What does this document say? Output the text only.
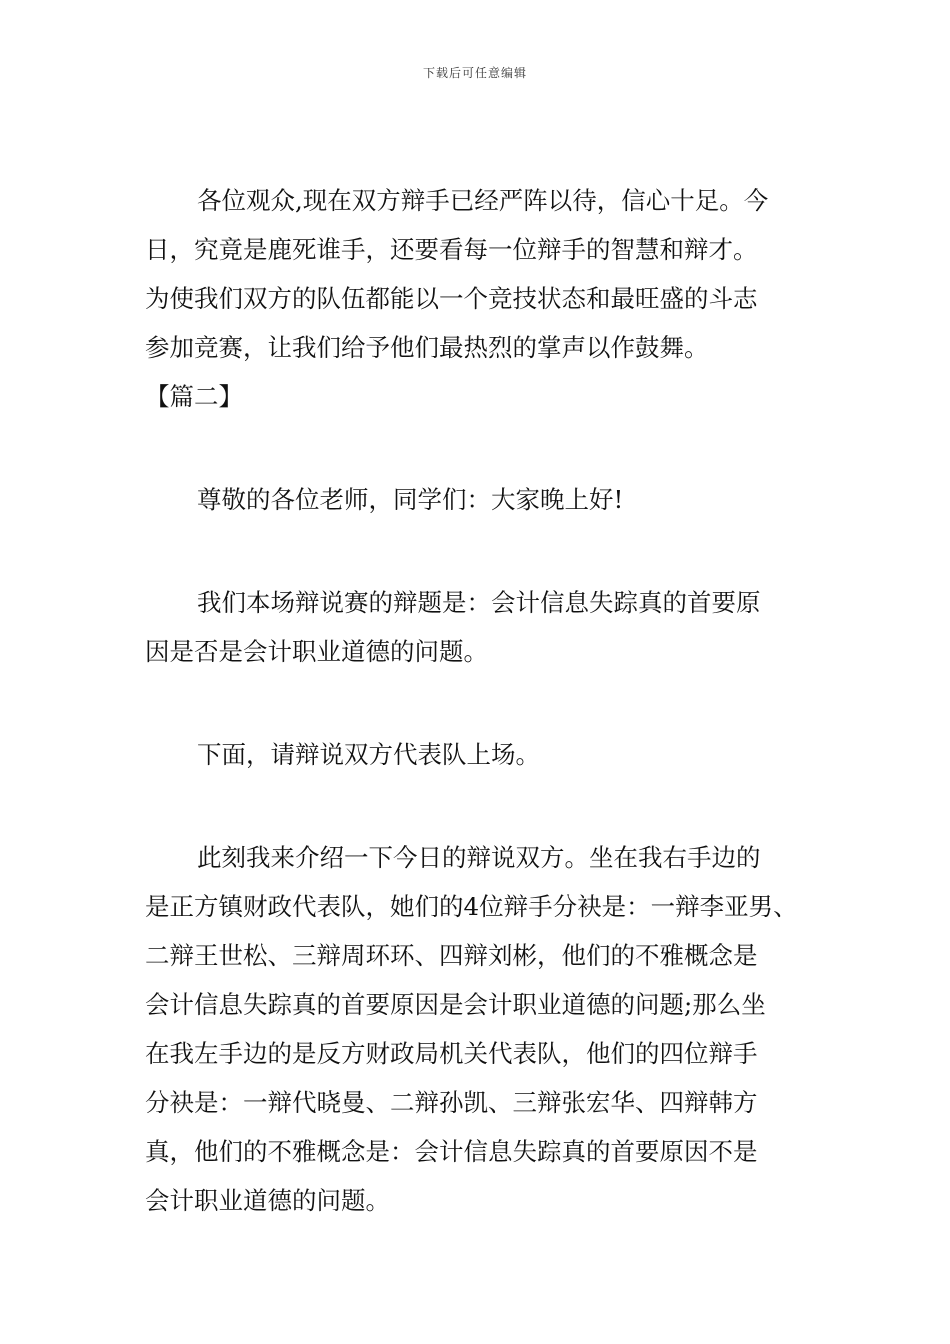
下载后可任意编辑
各位观众,现在双方辩手已经严阵以待，信心十足。今
日，究竟是鹿死谁手，还要看每一位辩手的智慧和辩才。
为使我们双方的队伍都能以一个竞技状态和最旺盛的斗志
参加竞赛，让我们给予他们最热烈的掌声以作鼓舞。
【篇二】
尊敬的各位老师，同学们：大家晚上好!
我们本场辩说赛的辩题是：会计信息失踪真的首要原
因是否是会计职业道德的问题。
下面，请辩说双方代表队上场。
此刻我来介绍一下今日的辩说双方。坐在我右手边的
是正方镇财政代表队，她们的4位辩手分袂是：一辩李亚男、
二辩王世松、三辩周环环、四辩刘彬，他们的不雅概念是
会计信息失踪真的首要原因是会计职业道德的问题;那么坐
在我左手边的是反方财政局机关代表队，他们的四位辩手
分袂是：一辩代晓曼、二辩孙凯、三辩张宏华、四辩韩方
真，他们的不雅概念是：会计信息失踪真的首要原因不是
会计职业道德的问题。
